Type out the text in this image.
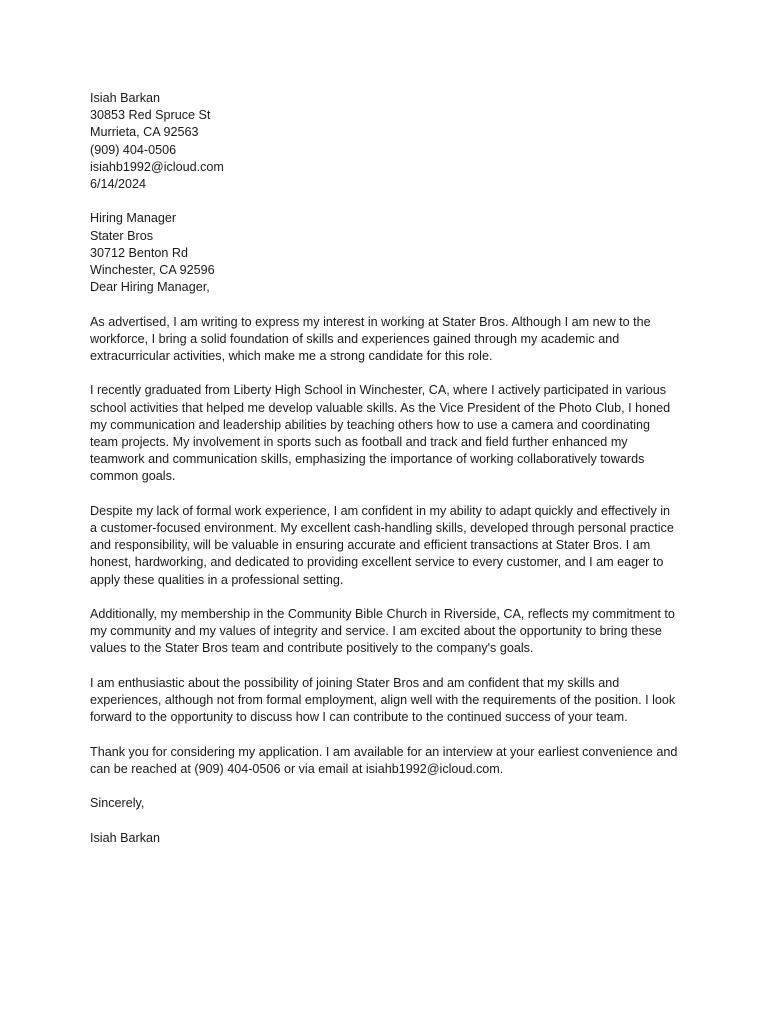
Isiah Barkan
30853 Red Spruce St
Murrieta, CA 92563
(909) 404-0506
isiahb1992@icloud.com
6/14/2024
Hiring Manager
Stater Bros
30712 Benton Rd
Winchester, CA 92596
Dear Hiring Manager,

As advertised, I am writing to express my interest in working at Stater Bros. Although I am new to the
workforce, I bring a solid foundation of skills and experiences gained through my academic and
extracurricular activities, which make me a strong candidate for this role.

I recently graduated from Liberty High School in Winchester, CA, where I actively participated in various
school activities that helped me develop valuable skills. As the Vice President of the Photo Club, I honed
my communication and leadership abilities by teaching others how to use a camera and coordinating
team projects. My involvement in sports such as football and track and field further enhanced my
teamwork and communication skills, emphasizing the importance of working collaboratively towards
common goals.

Despite my lack of formal work experience, I am confident in my ability to adapt quickly and effectively in
a customer-focused environment. My excellent cash-handling skills, developed through personal practice
and responsibility, will be valuable in ensuring accurate and efficient transactions at Stater Bros. I am
honest, hardworking, and dedicated to providing excellent service to every customer, and I am eager to
apply these qualities in a professional setting.

Additionally, my membership in the Community Bible Church in Riverside, CA, reflects my commitment to
my community and my values of integrity and service. I am excited about the opportunity to bring these
values to the Stater Bros team and contribute positively to the company's goals.

I am enthusiastic about the possibility of joining Stater Bros and am confident that my skills and
experiences, although not from formal employment, align well with the requirements of the position. I look
forward to the opportunity to discuss how I can contribute to the continued success of your team.

Thank you for considering my application. I am available for an interview at your earliest convenience and
can be reached at (909) 404-0506 or via email at isiahb1992@icloud.com.

Sincerely,

Isiah Barkan
